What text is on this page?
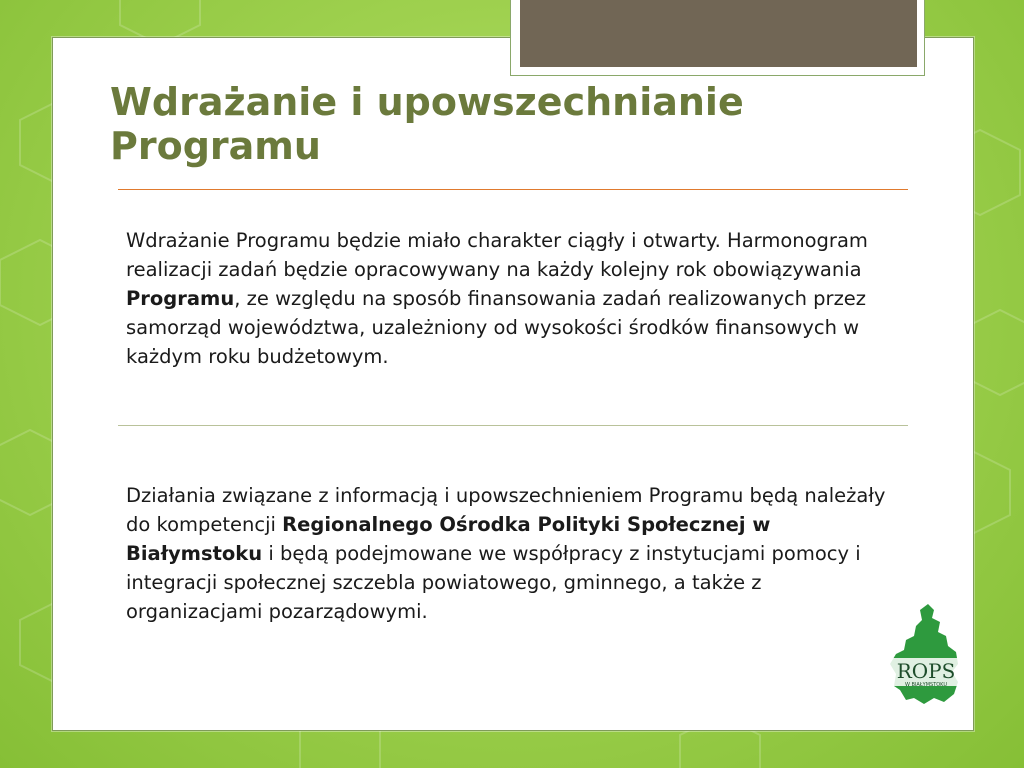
Wdrażanie i upowszechnianie
Programu

Wdrażanie Programu będzie miało charakter ciągły i otwarty. Harmonogram realizacji zadań będzie opracowywany na każdy kolejny rok obowiązywania Programu, ze względu na sposób finansowania zadań realizowanych przez samorząd województwa, uzależniony od wysokości środków finansowych w każdym roku budżetowym.

Działania związane z informacją i upowszechnieniem Programu będą należały do kompetencji Regionalnego Ośrodka Polityki Społecznej w Białymstoku i będą podejmowane we współpracy z instytucjami pomocy i integracji społecznej szczebla powiatowego, gminnego, a także z organizacjami pozarządowymi.

ROPS
W BIAŁYMSTOKU
